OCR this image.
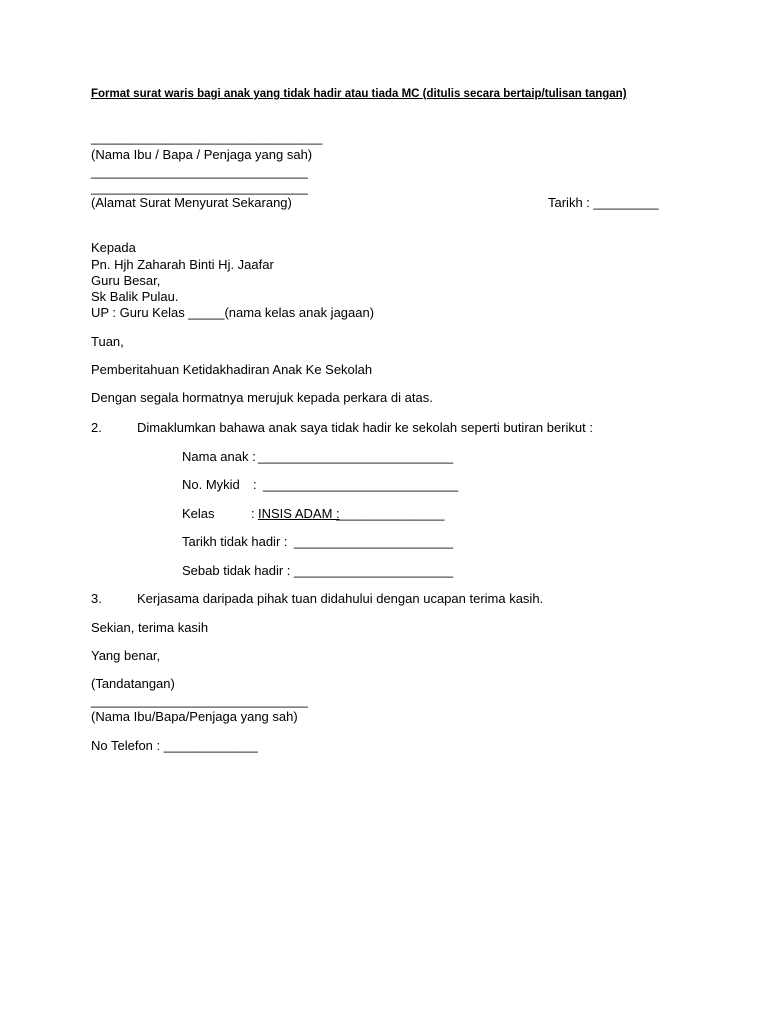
Format surat waris bagi anak yang tidak hadir atau tiada MC (ditulis secara bertaip/tulisan tangan)
________________________________
(Nama Ibu / Bapa / Penjaga yang sah)
______________________________
______________________________
(Alamat Surat Menyurat Sekarang)	Tarikh : _________
Kepada
Pn. Hjh Zaharah Binti Hj. Jaafar
Guru Besar,
Sk Balik Pulau.
UP : Guru Kelas _____(nama kelas anak jagaan)
Tuan,
Pemberitahuan Ketidakhadiran Anak Ke Sekolah
Dengan segala hormatnya merujuk kepada perkara di atas.
2.	Dimaklumkan bahawa anak saya tidak hadir ke sekolah seperti butiran berikut :
Nama anak : ___________________________
No. Mykid : ___________________________
Kelas	: INSIS ADAM :
_______________
Tarikh tidak hadir : ______________________
Sebab tidak hadir : ______________________
3.	Kerjasama daripada pihak tuan didahului dengan ucapan terima kasih.
Sekian, terima kasih
Yang benar,
(Tandatangan)
______________________________
(Nama Ibu/Bapa/Penjaga yang sah)
No Telefon : _____________
